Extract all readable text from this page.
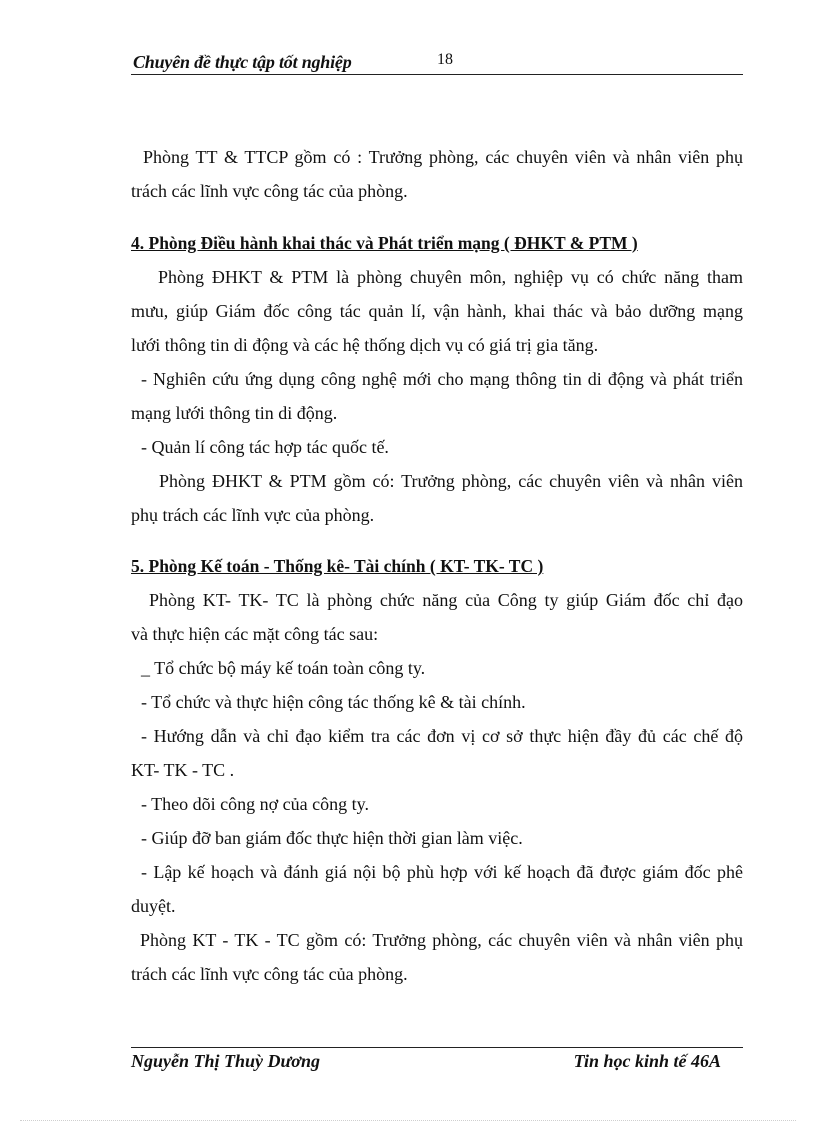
Chuyên đề thực tập tốt nghiệp	18
Phòng TT & TTCP gồm có : Trưởng phòng, các chuyên viên và nhân viên phụ
trách các lĩnh vực công tác của phòng.
4. Phòng Điều hành khai thác và Phát triển mạng ( ĐHKT & PTM )
Phòng ĐHKT & PTM là phòng chuyên môn, nghiệp vụ có chức năng tham
mưu, giúp Giám đốc công tác quản lí, vận hành, khai thác và bảo dưỡng mạng
lưới thông tin di động và các hệ thống dịch vụ có giá trị gia tăng.
- Nghiên cứu ứng dụng công nghệ mới cho mạng thông tin di động và phát triển
mạng lưới thông tin di động.
- Quản lí công tác hợp tác quốc tế.
Phòng ĐHKT & PTM gồm có: Trưởng phòng, các chuyên viên và nhân viên
phụ trách các lĩnh vực của phòng.
5. Phòng Kế toán - Thống kê- Tài chính ( KT- TK- TC )
Phòng KT- TK- TC là phòng chức năng của Công ty giúp Giám đốc chỉ đạo
và thực hiện các mặt công tác sau:
_ Tổ chức bộ máy kế toán toàn công ty.
- Tổ chức và thực hiện công tác thống kê & tài chính.
- Hướng dẫn và chỉ đạo kiểm tra các đơn vị cơ sở thực hiện đầy đủ các chế độ
KT- TK - TC .
- Theo dõi công nợ của công ty.
- Giúp đỡ ban giám đốc thực hiện thời gian làm việc.
- Lập kế hoạch và đánh giá nội bộ phù hợp với kế hoạch đã được giám đốc phê
duyệt.
Phòng KT - TK - TC gồm có: Trưởng phòng, các chuyên viên và nhân viên phụ
trách các lĩnh vực công tác của phòng.
Nguyễn Thị Thuỳ Dương	Tin học kinh tế 46A
